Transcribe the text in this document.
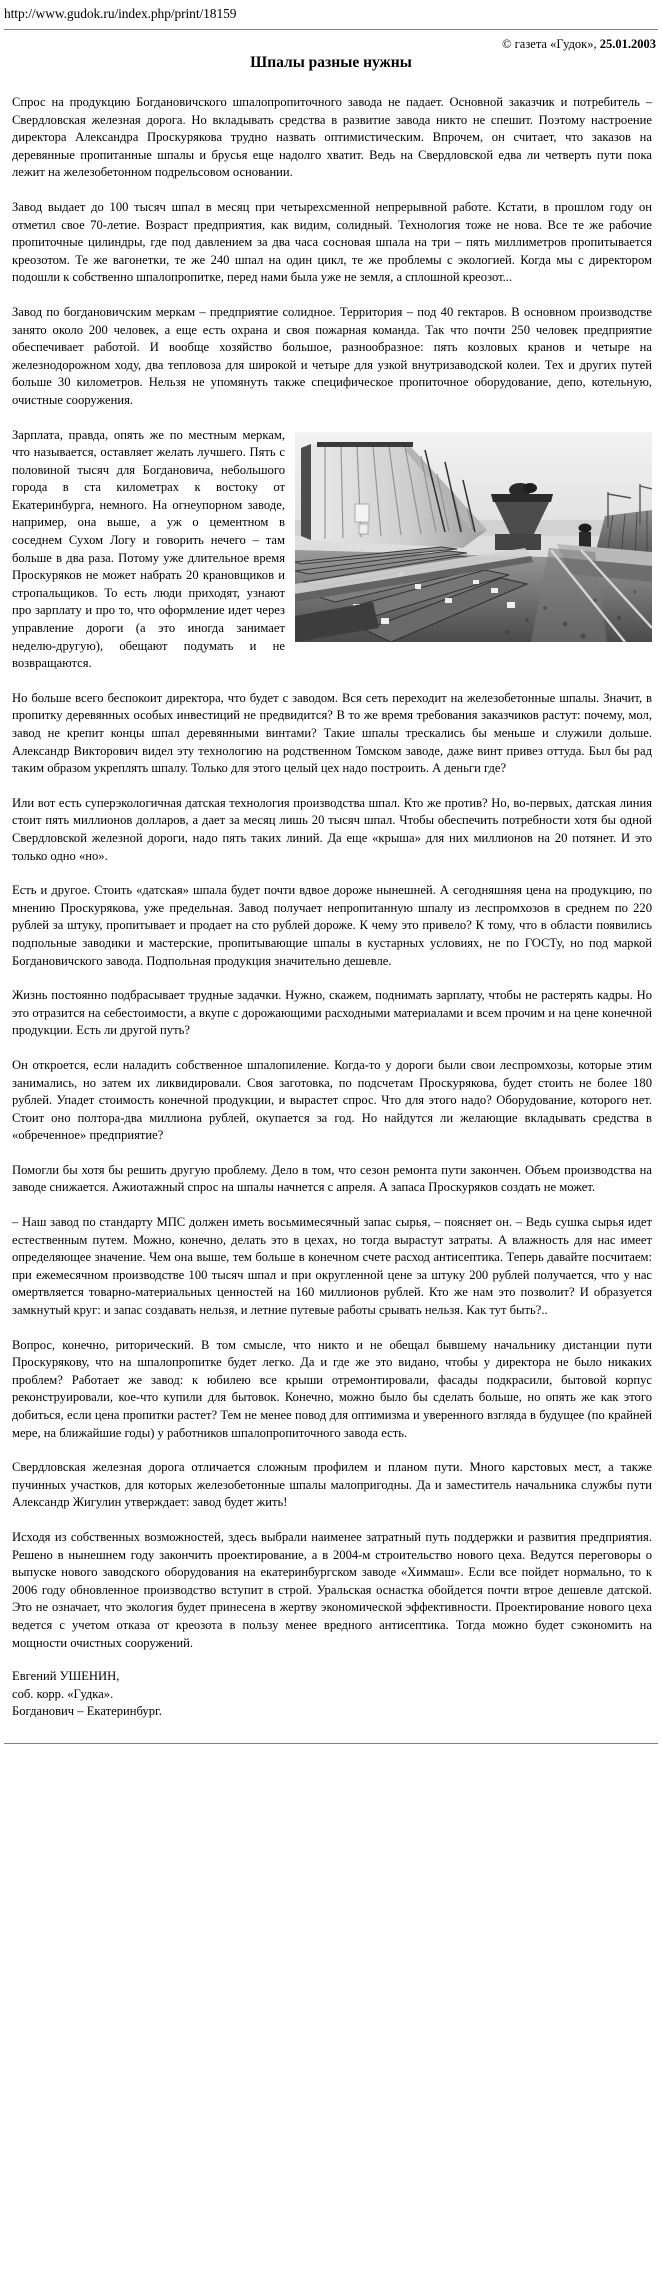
http://www.gudok.ru/index.php/print/18159
© газета «Гудок», 25.01.2003
Шпалы разные нужны

Спрос на продукцию Богдановичского шпалопропиточного завода не падает. Основной заказчик и потребитель – Свердловская железная дорога. Но вкладывать средства в развитие завода никто не спешит. Поэтому настроение директора Александра Проскурякова трудно назвать оптимистическим. Впрочем, он считает, что заказов на деревянные пропитанные шпалы и брусья еще надолго хватит. Ведь на Свердловской едва ли четверть пути пока лежит на железобетонном подрельсовом основании.

Завод выдает до 100 тысяч шпал в месяц при четырехсменной непрерывной работе. Кстати, в прошлом году он отметил свое 70-летие. Возраст предприятия, как видим, солидный. Технология тоже не нова. Все те же рабочие пропиточные цилиндры, где под давлением за два часа сосновая шпала на три – пять миллиметров пропитывается креозотом. Те же вагонетки, те же 240 шпал на один цикл, те же проблемы с экологией. Когда мы с директором подошли к собственно шпалопропитке, перед нами была уже не земля, а сплошной креозот...

Завод по богдановичским меркам – предприятие солидное. Территория – под 40 гектаров. В основном производстве занято около 200 человек, а еще есть охрана и своя пожарная команда. Так что почти 250 человек предприятие обеспечивает работой. И вообще хозяйство большое, разнообразное: пять козловых кранов и четыре на железнодорожном ходу, два тепловоза для широкой и четыре для узкой внутризаводской колеи. Тех и других путей больше 30 километров. Нельзя не упомянуть также специфическое пропиточное оборудование, депо, котельную, очистные сооружения.

Зарплата, правда, опять же по местным меркам, что называется, оставляет желать лучшего. Пять с половиной тысяч для Богдановича, небольшого города в ста километрах к востоку от Екатеринбурга, немного. На огнеупорном заводе, например, она выше, а уж о цементном в соседнем Сухом Логу и говорить нечего – там больше в два раза. Потому уже длительное время Проскуряков не может набрать 20 крановщиков и стропальщиков. То есть люди приходят, узнают про зарплату и про то, что оформление идет через управление дороги (а это иногда занимает неделю-другую), обещают подумать и не возвращаются.

Но больше всего беспокоит директора, что будет с заводом. Вся сеть переходит на железобетонные шпалы. Значит, в пропитку деревянных особых инвестиций не предвидится? В то же время требования заказчиков растут: почему, мол, завод не крепит концы шпал деревянными винтами? Такие шпалы трескались бы меньше и служили дольше. Александр Викторович видел эту технологию на родственном Томском заводе, даже винт привез оттуда. Был бы рад таким образом укреплять шпалу. Только для этого целый цех надо построить. А деньги где?

Или вот есть суперэкологичная датская технология производства шпал. Кто же против? Но, во-первых, датская линия стоит пять миллионов долларов, а дает за месяц лишь 20 тысяч шпал. Чтобы обеспечить потребности хотя бы одной Свердловской железной дороги, надо пять таких линий. Да еще «крыша» для них миллионов на 20 потянет. И это только одно «но».

Есть и другое. Стоить «датская» шпала будет почти вдвое дороже нынешней. А сегодняшняя цена на продукцию, по мнению Проскурякова, уже предельная. Завод получает непропитанную шпалу из леспромхозов в среднем по 220 рублей за штуку, пропитывает и продает на сто рублей дороже. К чему это привело? К тому, что в области появились подпольные заводики и мастерские, пропитывающие шпалы в кустарных условиях, не по ГОСТу, но под маркой Богдановичского завода. Подпольная продукция значительно дешевле.

Жизнь постоянно подбрасывает трудные задачки. Нужно, скажем, поднимать зарплату, чтобы не растерять кадры. Но это отразится на себестоимости, а вкупе с дорожающими расходными материалами и всем прочим и на цене конечной продукции. Есть ли другой путь?

Он откроется, если наладить собственное шпалопиление. Когда-то у дороги были свои леспромхозы, которые этим занимались, но затем их ликвидировали. Своя заготовка, по подсчетам Проскурякова, будет стоить не более 180 рублей. Упадет стоимость конечной продукции, и вырастет спрос. Что для этого надо? Оборудование, которого нет. Стоит оно полтора-два миллиона рублей, окупается за год. Но найдутся ли желающие вкладывать средства в «обреченное» предприятие?

Помогли бы хотя бы решить другую проблему. Дело в том, что сезон ремонта пути закончен. Объем производства на заводе снижается. Ажиотажный спрос на шпалы начнется с апреля. А запаса Проскуряков создать не может.

– Наш завод по стандарту МПС должен иметь восьмимесячный запас сырья, – поясняет он. – Ведь сушка сырья идет естественным путем. Можно, конечно, делать это в цехах, но тогда вырастут затраты. А влажность для нас имеет определяющее значение. Чем она выше, тем больше в конечном счете расход антисептика. Теперь давайте посчитаем: при ежемесячном производстве 100 тысяч шпал и при округленной цене за штуку 200 рублей получается, что у нас омертвляется товарно-материальных ценностей на 160 миллионов рублей. Кто же нам это позволит? И образуется замкнутый круг: и запас создавать нельзя, и летние путевые работы срывать нельзя. Как тут быть?..

Вопрос, конечно, риторический. В том смысле, что никто и не обещал бывшему начальнику дистанции пути Проскурякову, что на шпалопропитке будет легко. Да и где же это видано, чтобы у директора не было никаких проблем? Работает же завод: к юбилею все крыши отремонтировали, фасады подкрасили, бытовой корпус реконструировали, кое-что купили для бытовок. Конечно, можно было бы сделать больше, но опять же как этого добиться, если цена пропитки растет? Тем не менее повод для оптимизма и уверенного взгляда в будущее (по крайней мере, на ближайшие годы) у работников шпалопропиточного завода есть.

Свердловская железная дорога отличается сложным профилем и планом пути. Много карстовых мест, а также пучинных участков, для которых железобетонные шпалы малопригодны. Да и заместитель начальника службы пути Александр Жигулин утверждает: завод будет жить!

Исходя из собственных возможностей, здесь выбрали наименее затратный путь поддержки и развития предприятия. Решено в нынешнем году закончить проектирование, а в 2004-м строительство нового цеха. Ведутся переговоры о выпуске нового заводского оборудования на екатеринбургском заводе «Химмаш». Если все пойдет нормально, то к 2006 году обновленное производство вступит в строй. Уральская оснастка обойдется почти втрое дешевле датской. Это не означает, что экология будет принесена в жертву экономической эффективности. Проектирование нового цеха ведется с учетом отказа от креозота в пользу менее вредного антисептика. Тогда можно будет сэкономить на мощности очистных сооружений.

Евгений УШЕНИН,
соб. корр. «Гудка».
Богданович – Екатеринбург.
